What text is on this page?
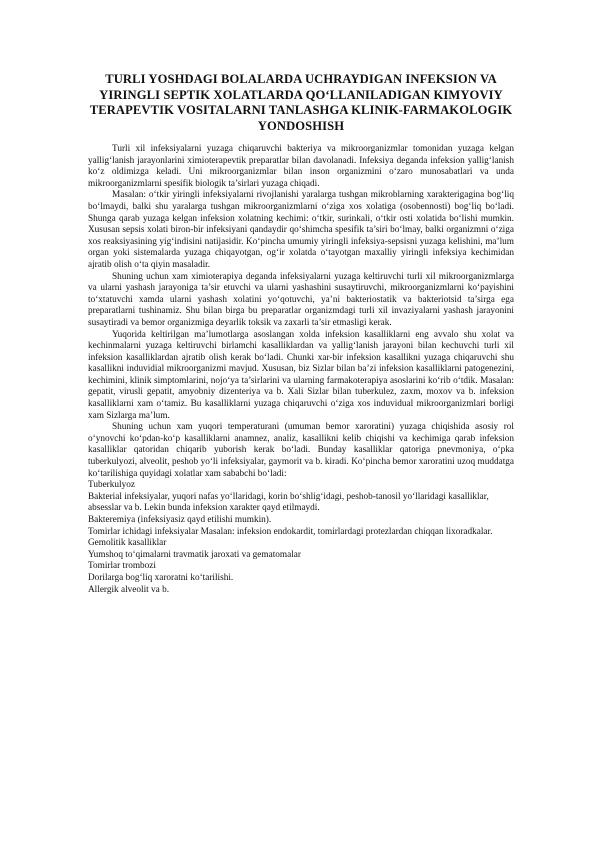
TURLI YOSHDAGI BOLALARDA UCHRAYDIGAN INFEKSION VA YIRINGLI SEPTIK XOLATLARDA QO‘LLANILADIGAN KIMYOVIY TERAPEVTIK VOSITALARNI TANLASHGA KLINIK-FARMAKOLOGIK YONDOSHISH

Turli xil infeksiyalarni yuzaga chiqaruvchi bakteriya va mikroorganizmlar tomonidan yuzaga kelgan yallig‘lanish jarayonlarini ximioterapevtik preparatlar bilan davolanadi. Infeksiya deganda infeksion yallig‘lanish ko‘z oldimizga keladi. Uni mikroorganizmlar bilan inson organizmini o‘zaro munosabatlari va unda mikroorganizmlarni spesifik biologik ta’sirlari yuzaga chiqadi.

Masalan: o‘tkir yiringli infeksiyalarni rivojlanishi yaralarga tushgan mikroblarning xarakterigagina bog‘liq bo‘lmaydi, balki shu yaralarga tushgan mikroorganizmlarni o‘ziga xos xolatiga (osobennosti) bog‘liq bo‘ladi. Shunga qarab yuzaga kelgan infeksion xolatning kechimi: o‘tkir, surinkali, o‘tkir osti xolatida bo‘lishi mumkin. Xususan sepsis xolati biron-bir infeksiyani qandaydir qo‘shimcha spesifik ta’siri bo‘lmay, balki organizmni o‘ziga xos reaksiyasining yig‘indisini natijasidir. Ko‘pincha umumiy yiringli infeksiya-sepsisni yuzaga kelishini, ma’lum organ yoki sistemalarda yuzaga chiqayotgan, og‘ir xolatda o‘tayotgan maxalliy yiringli infeksiya kechimidan ajratib olish o‘ta qiyin masaladir.

Shuning uchun xam ximioterapiya deganda infeksiyalarni yuzaga keltiruvchi turli xil mikroorganizmlarga va ularni yashash jarayoniga ta’sir etuvchi va ularni yashashini susaytiruvchi, mikroorganizmlarni ko‘payishini to‘xtatuvchi xamda ularni yashash xolatini yo‘qotuvchi, ya’ni bakteriostatik va bakteriotsid ta’sirga ega preparatlarni tushinamiz. Shu bilan birga bu preparatlar organizmdagi turli xil invaziyalarni yashash jarayonini susaytiradi va bemor organizmiga deyarlik toksik va zaxarli ta’sir etmasligi kerak.

Yuqorida keltirilgan ma’lumotlarga asoslangan xolda infeksion kasalliklarni eng avvalo shu xolat va kechinmalarni yuzaga keltiruvchi birlamchi kasalliklardan va yallig‘lanish jarayoni bilan kechuvchi turli xil infeksion kasalliklardan ajratib olish kerak bo‘ladi. Chunki xar-bir infeksion kasallikni yuzaga chiqaruvchi shu kasallikni induvidial mikroorganizmi mavjud. Xususan, biz Sizlar bilan ba’zi infeksion kasalliklarni patogenezini, kechimini, klinik simptomlarini, nojo‘ya ta’sirlarini va ularning farmakoterapiya asoslarini ko‘rib o‘tdik. Masalan: gepatit, virusli gepatit, amyobniy dizenteriya va b. Xali Sizlar bilan tuberkulez, zaxm, moxov va b. infeksion kasalliklarni xam o‘tamiz. Bu kasalliklarni yuzaga chiqaruvchi o‘ziga xos induvidual mikroorganizmlari borligi xam Sizlarga ma’lum.

Shuning uchun xam yuqori temperaturani (umuman bemor xaroratini) yuzaga chiqishida asosiy rol o‘ynovchi ko‘pdan-ko‘p kasalliklarni anamnez, analiz, kasallikni kelib chiqishi va kechimiga qarab infeksion kasalliklar qatoridan chiqarib yuborish kerak bo‘ladi. Bunday kasalliklar qatoriga pnevmoniya, o‘pka tuberkulyozi, alveolit, peshob yo‘li infeksiyalar, gaymorit va b. kiradi. Ko‘pincha bemor xaroratini uzoq muddatga ko‘tarilishiga quyidagi xolatlar xam sababchi bo‘ladi:

Tuberkulyoz

Bakterial infeksiyalar, yuqori nafas yo‘llaridagi, korin bo‘shlig‘idagi, peshob-tanosil yo‘llaridagi kasalliklar, absesslar va b. Lekin bunda infeksion xarakter qayd etilmaydi.

Bakteremiya (infeksiyasiz qayd etilishi mumkin).

Tomirlar ichidagi infeksiyalar Masalan: infeksion endokardit, tomirlardagi protezlardan chiqqan lixoradkalar.

Gemolitik kasalliklar

Yumshoq to‘qimalarni travmatik jaroxati va gematomalar

Tomirlar trombozi

Dorilarga bog‘liq xaroratni ko‘tarilishi.

Allergik alveolit va b.
